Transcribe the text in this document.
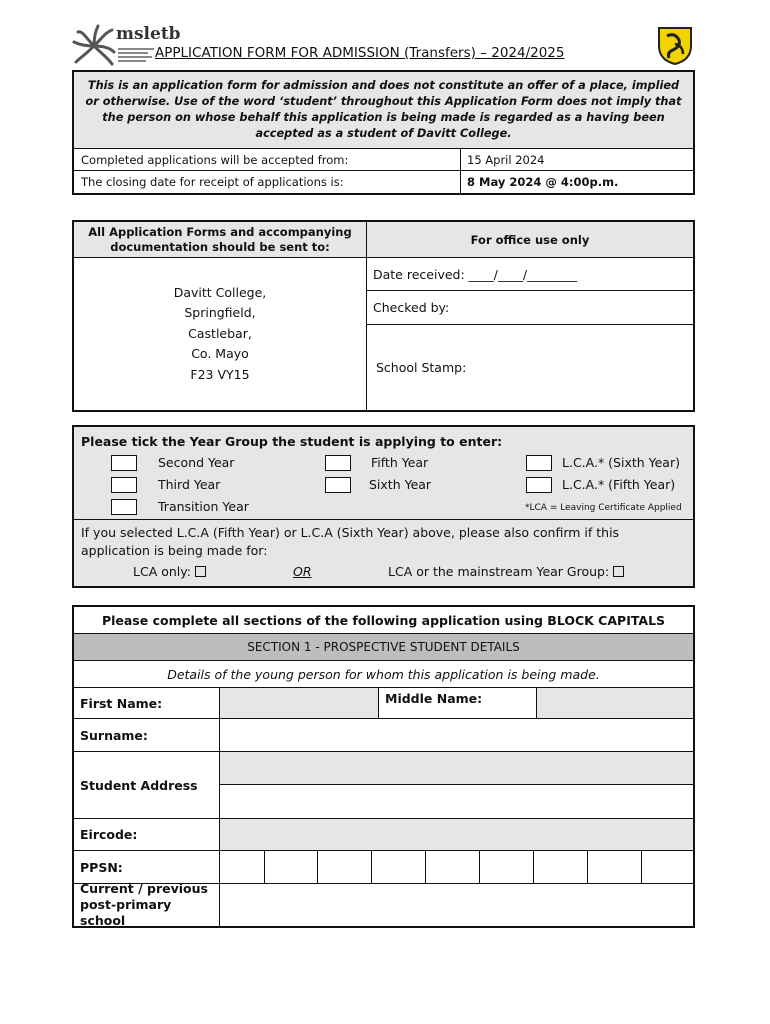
msletb
APPLICATION FORM FOR ADMISSION (Transfers) – 2024/2025
This is an application form for admission and does not constitute an offer of a place, implied or otherwise. Use of the word ‘student’ throughout this Application Form does not imply that the person on whose behalf this application is being made is regarded as a having been accepted as a student of Davitt College.
Completed applications will be accepted from:	15 April 2024
The closing date for receipt of applications is:	8 May 2024 @ 4:00p.m.
All Application Forms and accompanying documentation should be sent to:	For office use only
Davitt College,
Springfield,
Castlebar,
Co. Mayo
F23 VY15
Date received: ____/____/________
Checked by:
School Stamp:
Please tick the Year Group the student is applying to enter:
Second Year
Third Year
Transition Year
Fifth Year
Sixth Year
L.C.A.* (Sixth Year)
L.C.A.* (Fifth Year)
*LCA = Leaving Certificate Applied
If you selected L.C.A (Fifth Year) or L.C.A (Sixth Year) above, please also confirm if this application is being made for:
LCA only:	OR	LCA or the mainstream Year Group:
Please complete all sections of the following application using BLOCK CAPITALS
SECTION 1 - PROSPECTIVE STUDENT DETAILS
Details of the young person for whom this application is being made.
First Name:	Middle Name:
Surname:
Student Address
Eircode:
PPSN:
Current / previous post-primary school
